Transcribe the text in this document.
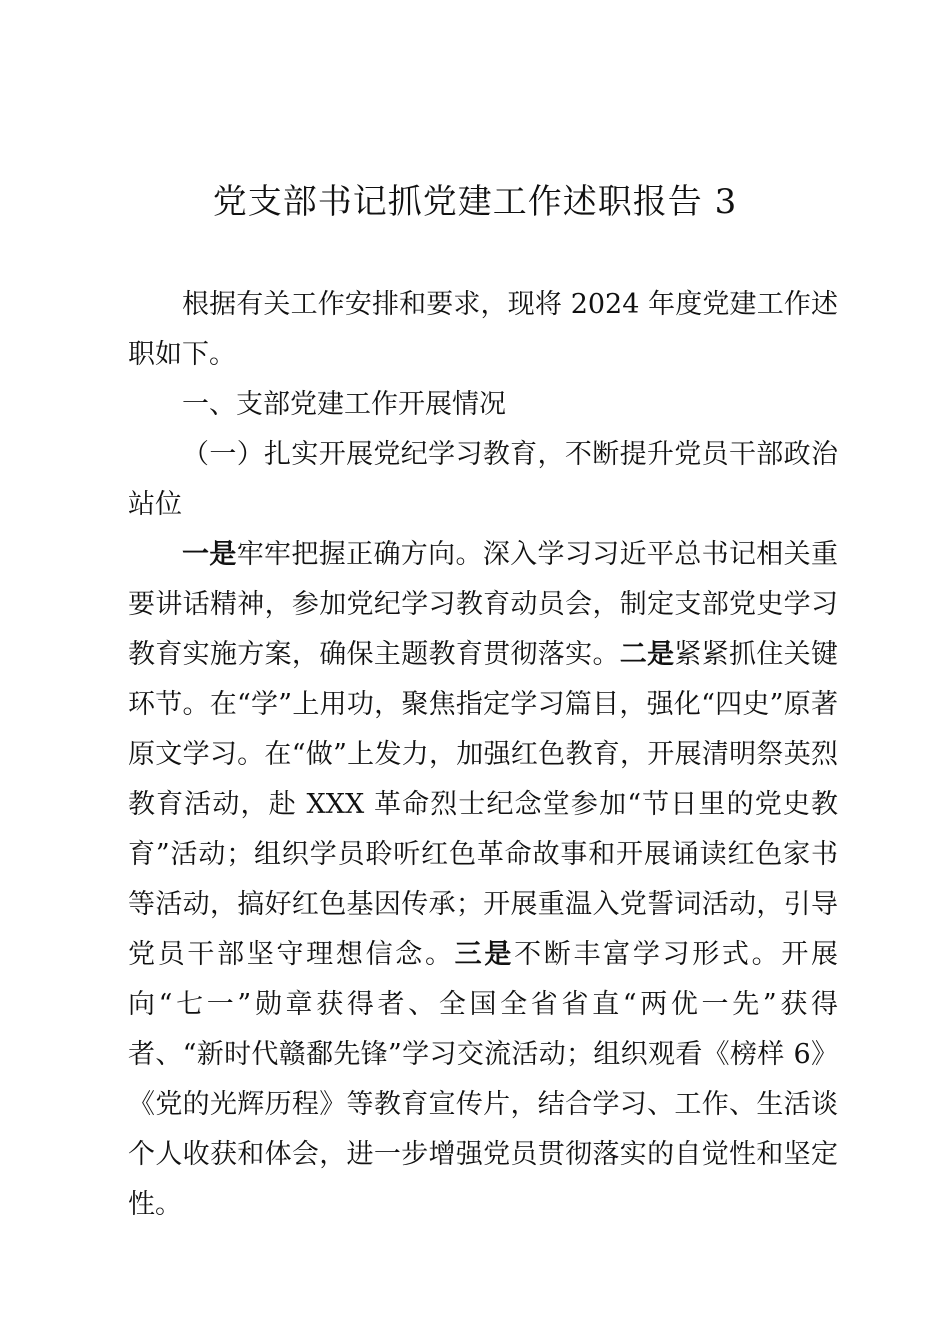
党支部书记抓党建工作述职报告 3

根据有关工作安排和要求，现将 2024 年度党建工作述职如下。

一、支部党建工作开展情况

（一）扎实开展党纪学习教育，不断提升党员干部政治站位

一是牢牢把握正确方向。深入学习习近平总书记相关重要讲话精神，参加党纪学习教育动员会，制定支部党史学习教育实施方案，确保主题教育贯彻落实。二是紧紧抓住关键环节。在“学”上用功，聚焦指定学习篇目，强化“四史”原著原文学习。在“做”上发力，加强红色教育，开展清明祭英烈教育活动，赴 XXX 革命烈士纪念堂参加“节日里的党史教育”活动；组织学员聆听红色革命故事和开展诵读红色家书等活动，搞好红色基因传承；开展重温入党誓词活动，引导党员干部坚守理想信念。三是不断丰富学习形式。开展向“七一”勋章获得者、全国全省省直“两优一先”获得者、“新时代赣鄱先锋”学习交流活动；组织观看《榜样 6》《党的光辉历程》等教育宣传片，结合学习、工作、生活谈个人收获和体会，进一步增强党员贯彻落实的自觉性和坚定性。
